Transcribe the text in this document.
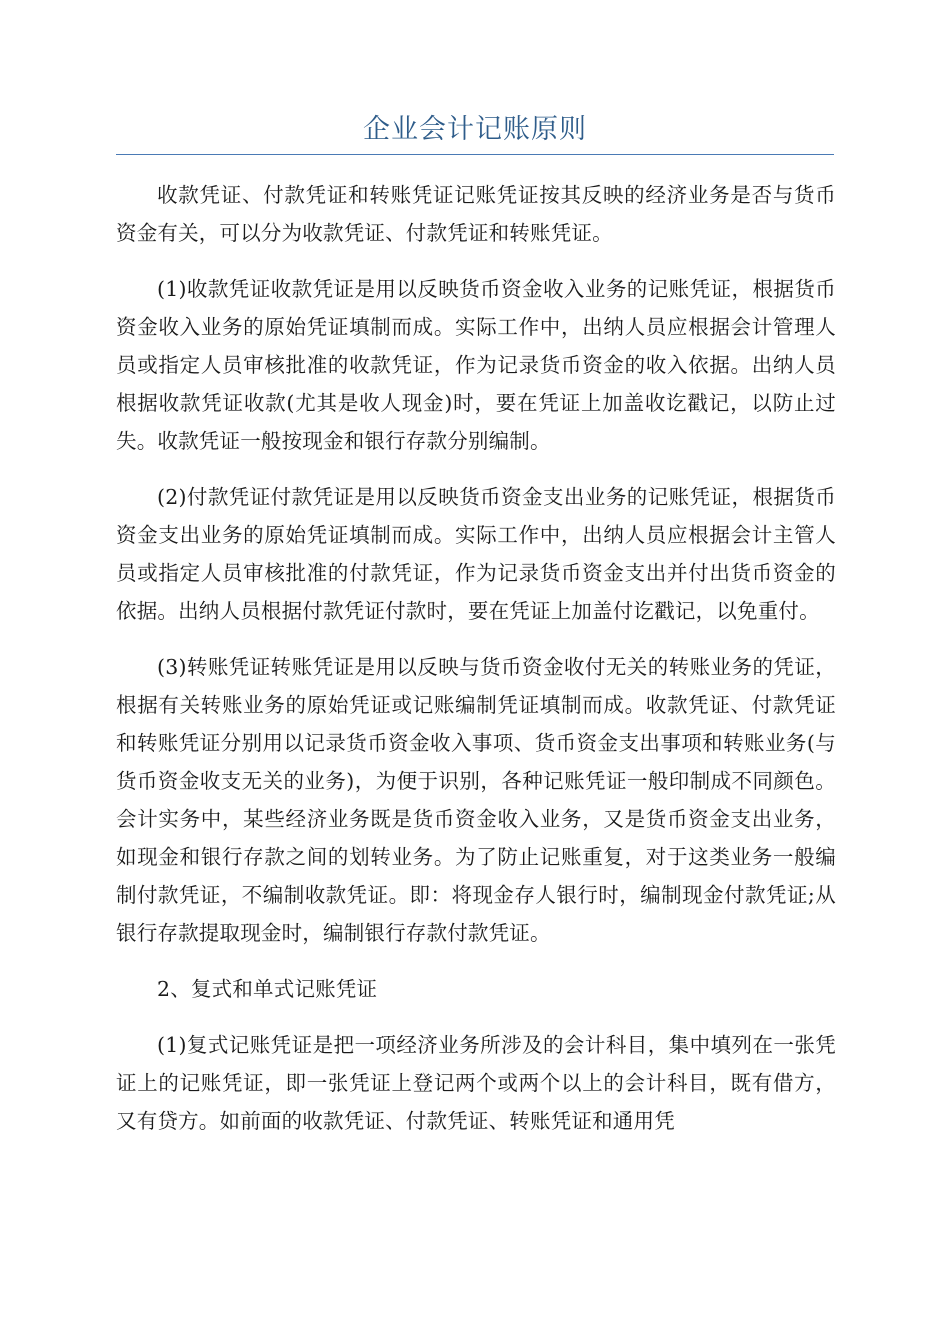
企业会计记账原则

收款凭证、付款凭证和转账凭证记账凭证按其反映的经济业务是否与货币资金有关，可以分为收款凭证、付款凭证和转账凭证。

(1)收款凭证收款凭证是用以反映货币资金收入业务的记账凭证，根据货币资金收入业务的原始凭证填制而成。实际工作中，出纳人员应根据会计管理人员或指定人员审核批准的收款凭证，作为记录货币资金的收入依据。出纳人员根据收款凭证收款(尤其是收人现金)时，要在凭证上加盖收讫戳记，以防止过失。收款凭证一般按现金和银行存款分别编制。

(2)付款凭证付款凭证是用以反映货币资金支出业务的记账凭证，根据货币资金支出业务的原始凭证填制而成。实际工作中，出纳人员应根据会计主管人员或指定人员审核批准的付款凭证，作为记录货币资金支出并付出货币资金的依据。出纳人员根据付款凭证付款时，要在凭证上加盖付讫戳记，以免重付。

(3)转账凭证转账凭证是用以反映与货币资金收付无关的转账业务的凭证，根据有关转账业务的原始凭证或记账编制凭证填制而成。收款凭证、付款凭证和转账凭证分别用以记录货币资金收入事项、货币资金支出事项和转账业务(与货币资金收支无关的业务)，为便于识别，各种记账凭证一般印制成不同颜色。会计实务中，某些经济业务既是货币资金收入业务，又是货币资金支出业务，如现金和银行存款之间的划转业务。为了防止记账重复，对于这类业务一般编制付款凭证，不编制收款凭证。即：将现金存人银行时，编制现金付款凭证;从银行存款提取现金时，编制银行存款付款凭证。

2、复式和单式记账凭证

(1)复式记账凭证是把一项经济业务所涉及的会计科目，集中填列在一张凭证上的记账凭证，即一张凭证上登记两个或两个以上的会计科目，既有借方，又有贷方。如前面的收款凭证、付款凭证、转账凭证和通用凭
